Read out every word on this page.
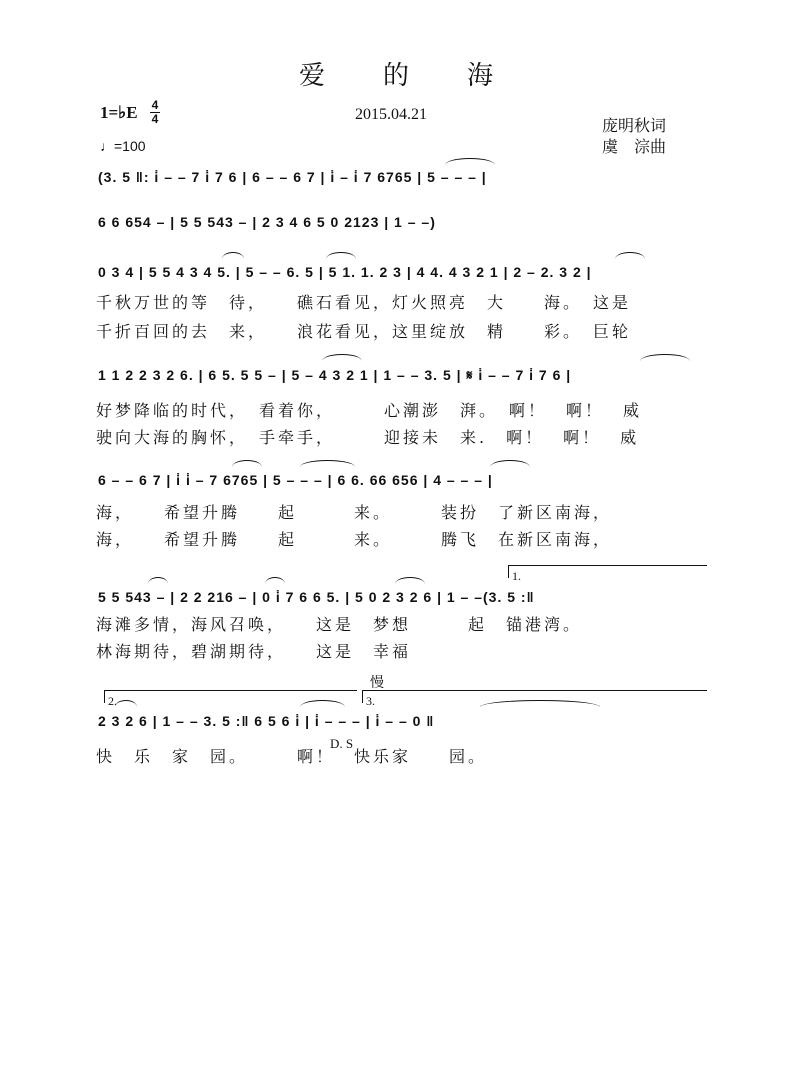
爱　　的　　海
1=♭E 4
4
♩=100
2015.04.21
庞明秋词
虞　淙曲
(3. 5 ‖: i̇ – – 7 i̇ 7 6 | 6 – – 6 7 | i̇ – i̇ 7 6765 | 5 – – – |
6 6 654 – | 5 5 543 – | 2 3 4 6 5 0 2123 | 1 – –)
0 3 4 | 5 5 4 3 4 5. | 5 – – 6. 5 | 5 1. 1. 2 3 | 4 4. 4 3 2 1 | 2 – 2. 3 2 |
千秋万世的等　待，　　礁石看见，灯火照亮　大　　海。　这是
千折百回的去　来，　　浪花看见，这里绽放　精　　彩。　巨轮
1 1 2 2 3 2 6. | 6 5. 5 5 – | 5 – 4 3 2 1 | 1 – – 3. 5 | 𝄋 i̇ – – 7 i̇ 7 6 |
好梦降临的时代，　看着你，　　　心潮澎　湃。　啊！　啊！　威
驶向大海的胸怀，　手牵手，　　　迎接未　来.　啊！　啊！　威
6 – – 6 7 | i̇ i̇ – 7 6765 | 5 – – – | 6 6. 66 656 | 4 – – – |
海，　　希望升腾　　起　　　来。　　　装扮　了新区南海，
海，　　希望升腾　　起　　　来。　　　腾飞　在新区南海，
1.
5 5 543 – | 2 2 216 – | 0 i̇ 7 6 6 5. | 5 0 2 3 2 6 | 1 – –(3. 5 :‖
海滩多情，海风召唤，　　这是　梦想　　　起　锚港湾。
林海期待，碧湖期待，　　这是　幸福
慢
2.	3.
2 3 2 6 | 1 – – 3. 5 :‖ 6 5 6 i̇ | i̇ – – – | i̇ – – 0 ‖
D. S
快　乐　家　园。　　　啊！　快乐家　　园。
